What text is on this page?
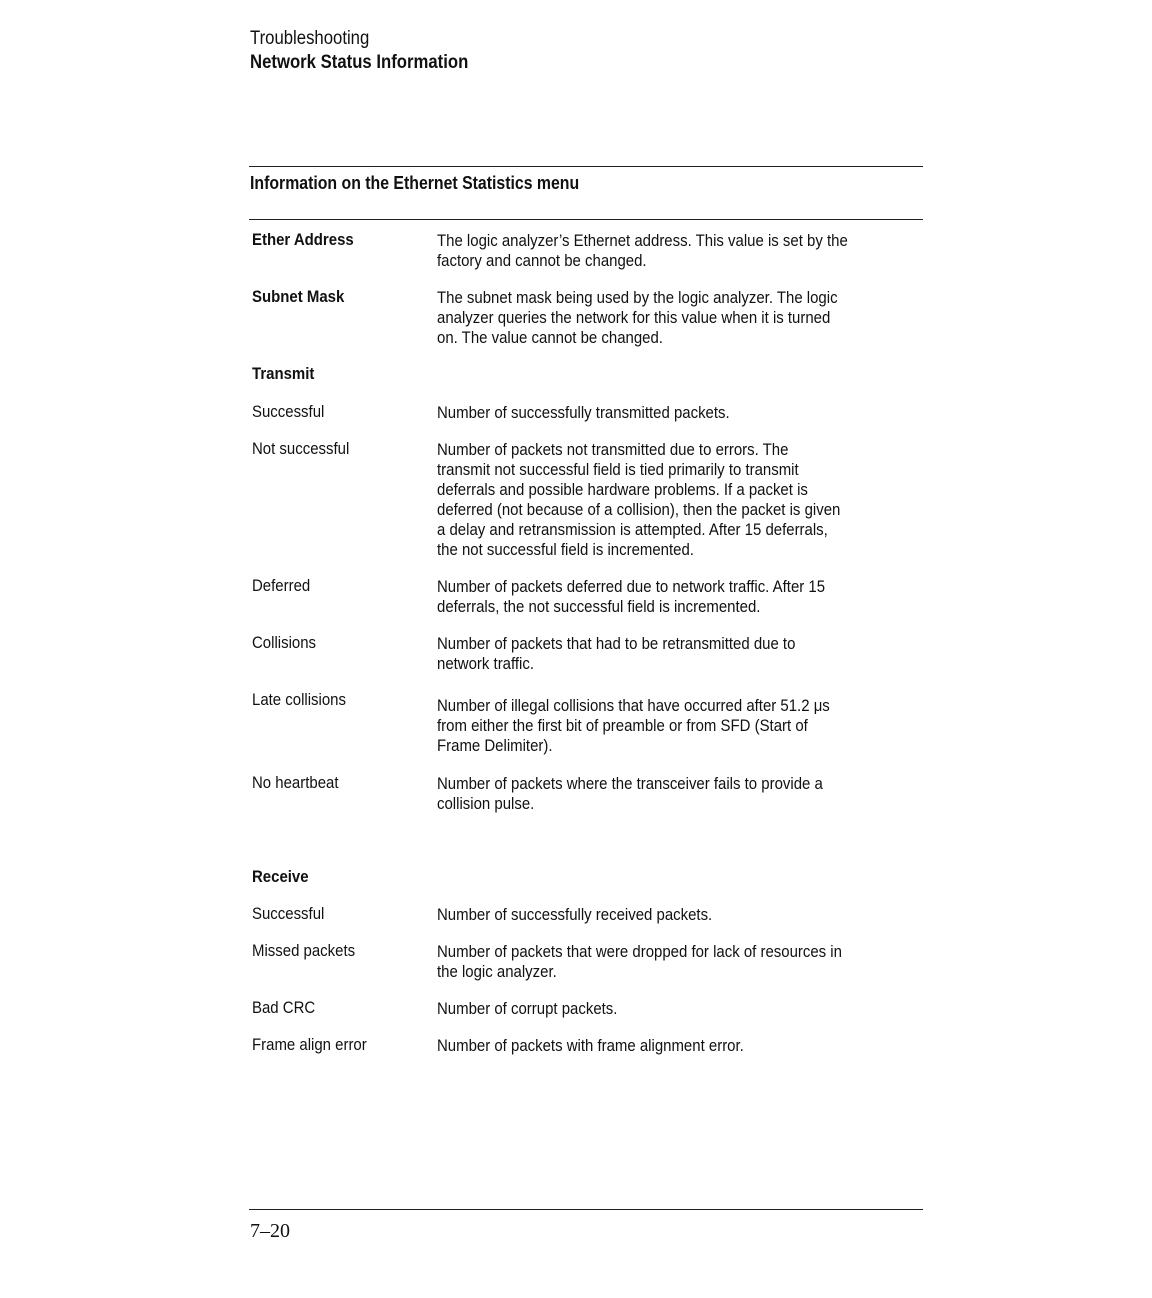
Troubleshooting
Network Status Information
Information on the Ethernet Statistics menu
Ether Address	The logic analyzer’s Ethernet address. This value is set by the
factory and cannot be changed.
Subnet Mask	The subnet mask being used by the logic analyzer. The logic
analyzer queries the network for this value when it is turned
on. The value cannot be changed.
Transmit
Successful	Number of successfully transmitted packets.
Not successful	Number of packets not transmitted due to errors. The
transmit not successful field is tied primarily to transmit
deferrals and possible hardware problems. If a packet is
deferred (not because of a collision), then the packet is given
a delay and retransmission is attempted. After 15 deferrals,
the not successful field is incremented.
Deferred	Number of packets deferred due to network traffic. After 15
deferrals, the not successful field is incremented.
Collisions	Number of packets that had to be retransmitted due to
network traffic.
Late collisions	Number of illegal collisions that have occurred after 51.2 μs
from either the first bit of preamble or from SFD (Start of
Frame Delimiter).
No heartbeat	Number of packets where the transceiver fails to provide a
collision pulse.
Receive
Successful	Number of successfully received packets.
Missed packets	Number of packets that were dropped for lack of resources in
the logic analyzer.
Bad CRC	Number of corrupt packets.
Frame align error	Number of packets with frame alignment error.
7–20
